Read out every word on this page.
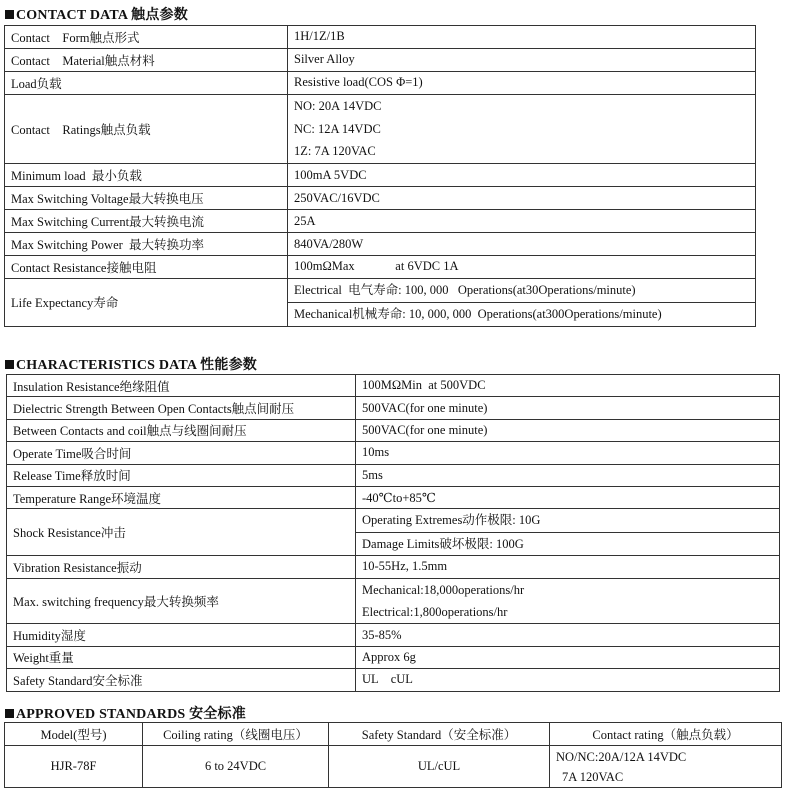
CONTACT DATA 触点参数
Contact    Form触点形式	1H/1Z/1B
Contact    Material触点材料	Silver Alloy
Load负载	Resistive load(COS Φ=1)
Contact    Ratings触点负载	NO: 20A 14VDC
NC: 12A 14VDC
1Z: 7A 120VAC

Minimum load  最小负载	100mA 5VDC
Max Switching Voltage最大转换电压	250VAC/16VDC
Max Switching Current最大转换电流	25A
Max Switching Power  最大转换功率	840VA/280W
Contact Resistance接触电阻	100mΩMax             at 6VDC 1A
Life Expectancy寿命	Electrical  电气寿命: 100, 000   Operations(at30Operations/minute)
Mechanical机械寿命: 10, 000, 000  Operations(at300Operations/minute)
CHARACTERISTICS DATA 性能参数
Insulation Resistance绝缘阻值	100MΩMin  at 500VDC
Dielectric Strength Between Open Contacts触点间耐压	500VAC(for one minute)
Between Contacts and coil触点与线圈间耐压	500VAC(for one minute)
Operate Time吸合时间	10ms
Release Time释放时间	5ms
Temperature Range环境温度	-40℃to+85℃
Shock Resistance冲击	Operating Extremes动作极限: 10G
Damage Limits破坏极限: 100G

Vibration Resistance振动	10-55Hz, 1.5mm
Max. switching frequency最大转换频率	Mechanical:18,000operations/hr
Electrical:1,800operations/hr

Humidity湿度	35-85%
Weight重量	Approx 6g
Safety Standard安全标准	UL    cUL
APPROVED STANDARDS 安全标准
Model(型号)	Coiling rating（线圈电压）	Safety Standard（安全标准）	Contact rating（触点负载）
HJR-78F	6 to 24VDC	UL/cUL	NO/NC:20A/12A 14VDC
7A 120VAC
